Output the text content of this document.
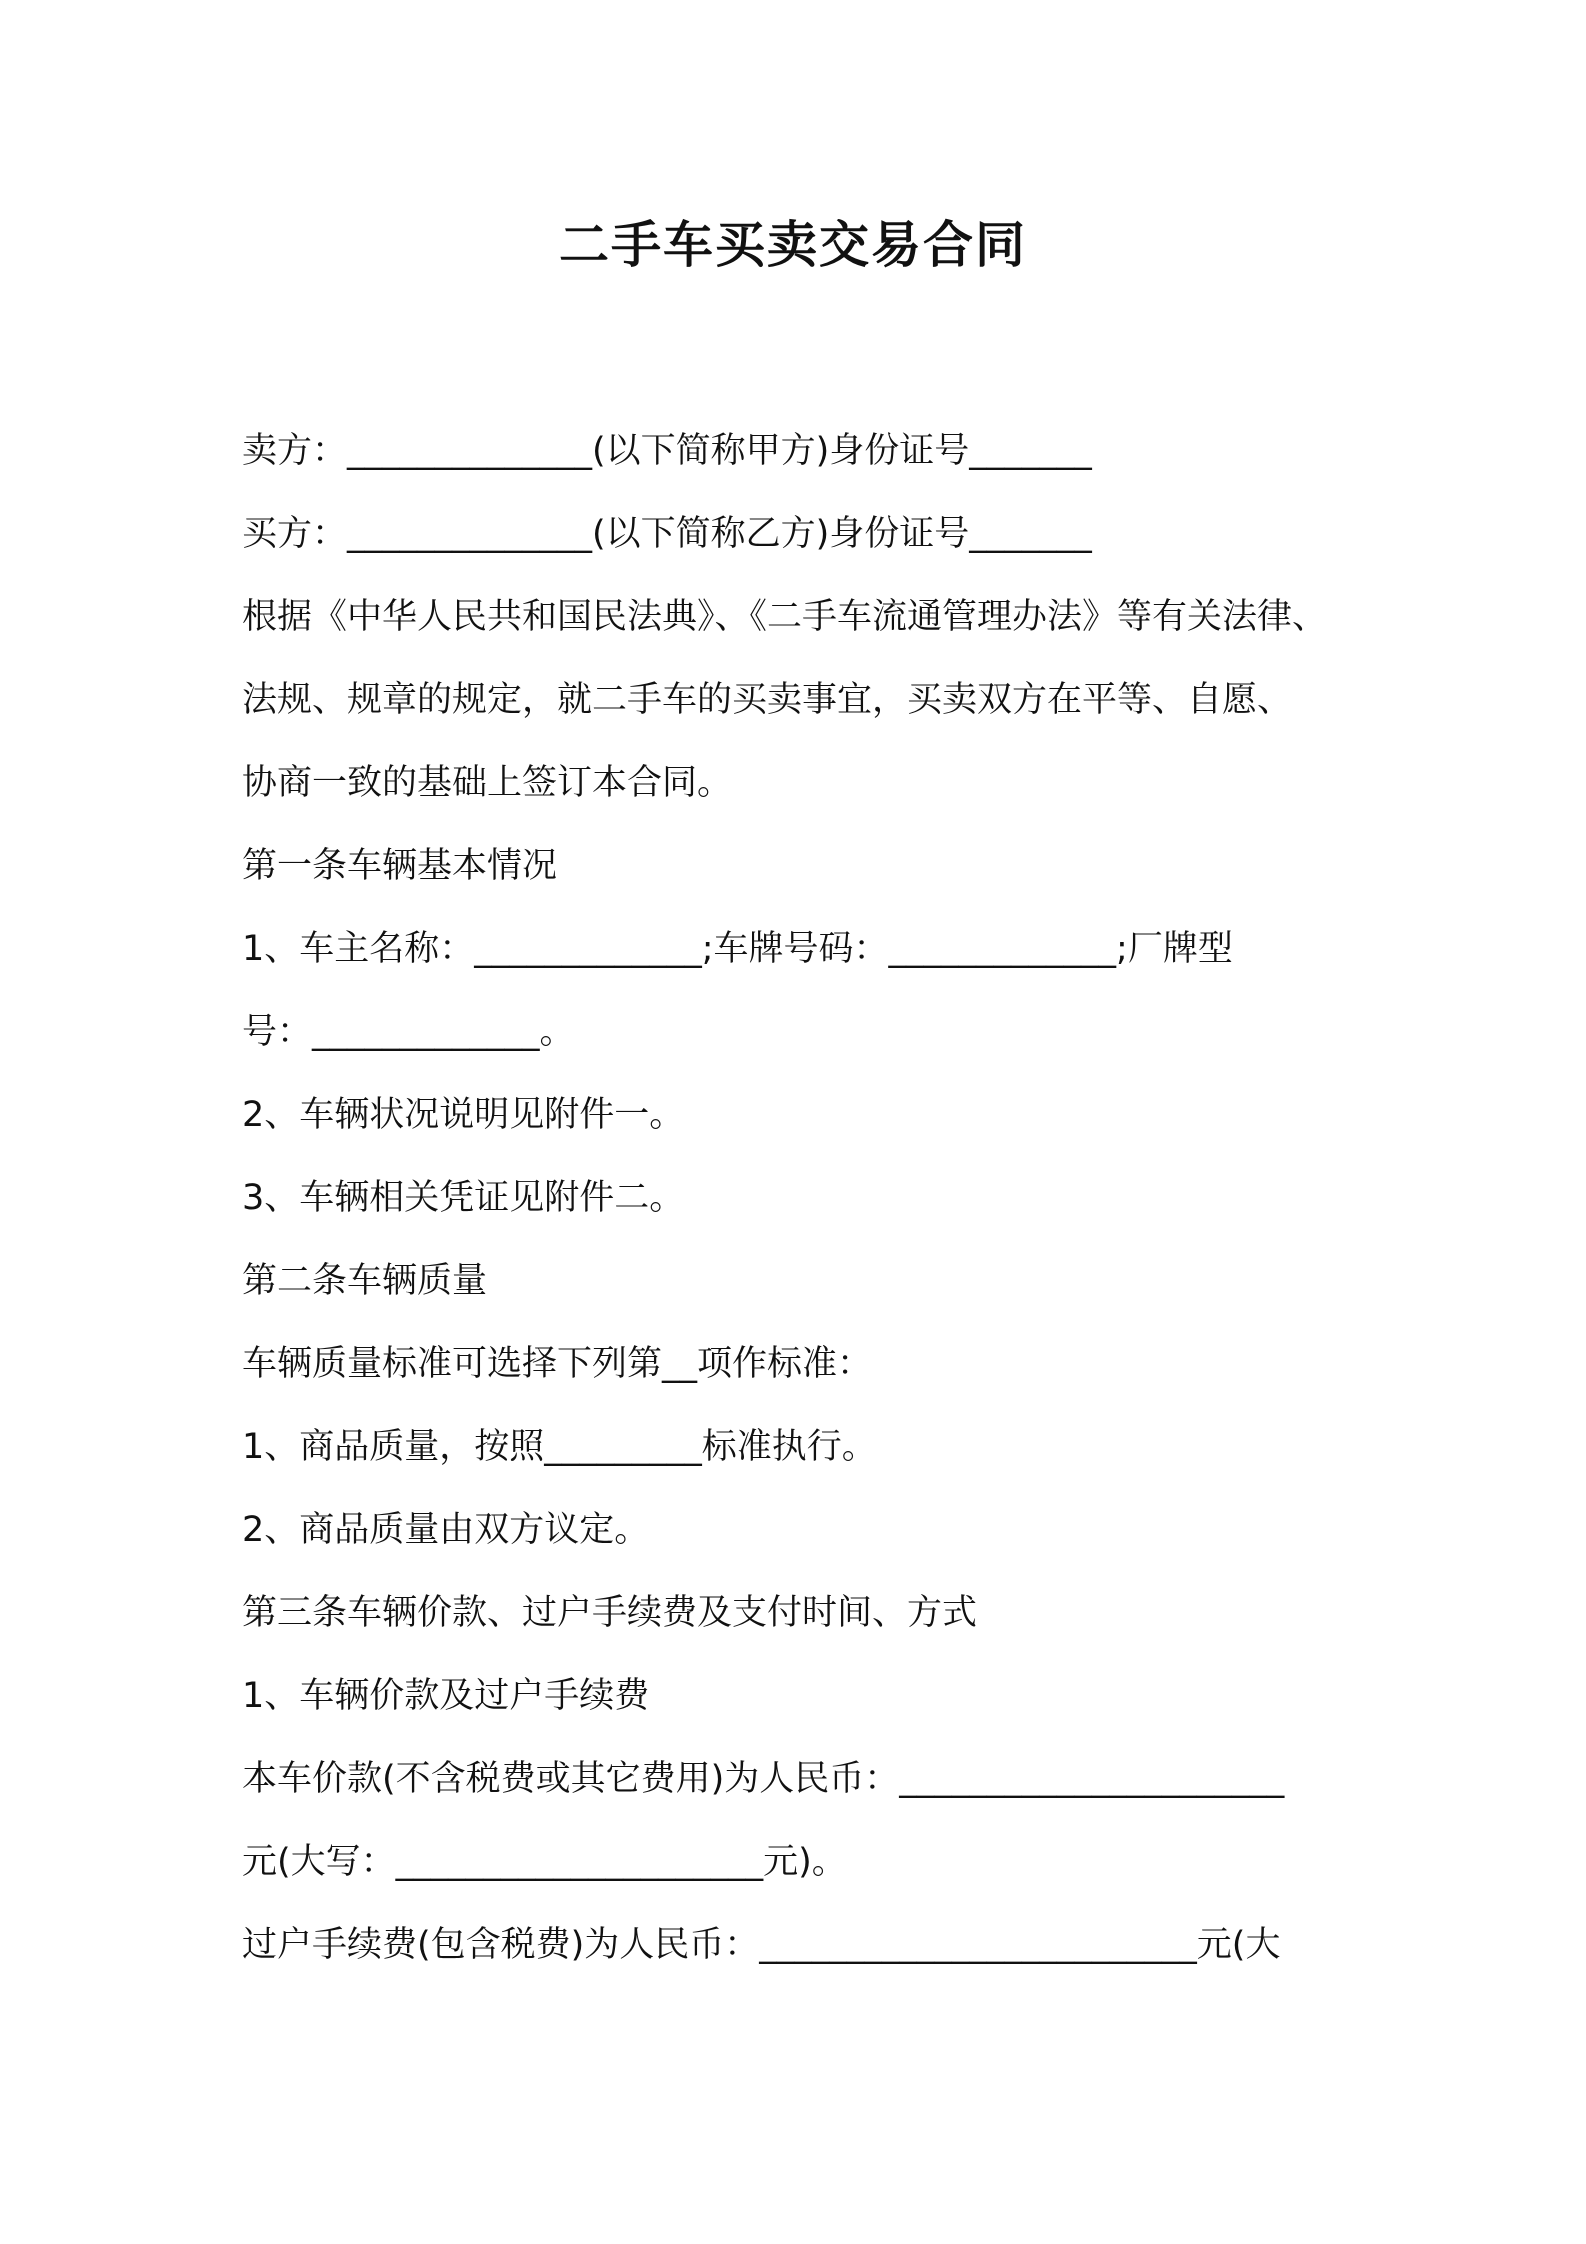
二手车买卖交易合同
卖方：______________(以下简称甲方)身份证号_______
买方：______________(以下简称乙方)身份证号_______
根据《中华人民共和国民法典》、《二手车流通管理办法》等有关法律、
法规、规章的规定，就二手车的买卖事宜，买卖双方在平等、自愿、
协商一致的基础上签订本合同。
第一条车辆基本情况
1、车主名称：_____________;车牌号码：_____________;厂牌型
号：_____________。
2、车辆状况说明见附件一。
3、车辆相关凭证见附件二。
第二条车辆质量
车辆质量标准可选择下列第__项作标准：
1、商品质量，按照_________标准执行。
2、商品质量由双方议定。
第三条车辆价款、过户手续费及支付时间、方式
1、车辆价款及过户手续费
本车价款(不含税费或其它费用)为人民币：______________________
元(大写：_____________________元)。
过户手续费(包含税费)为人民币：_________________________元(大
